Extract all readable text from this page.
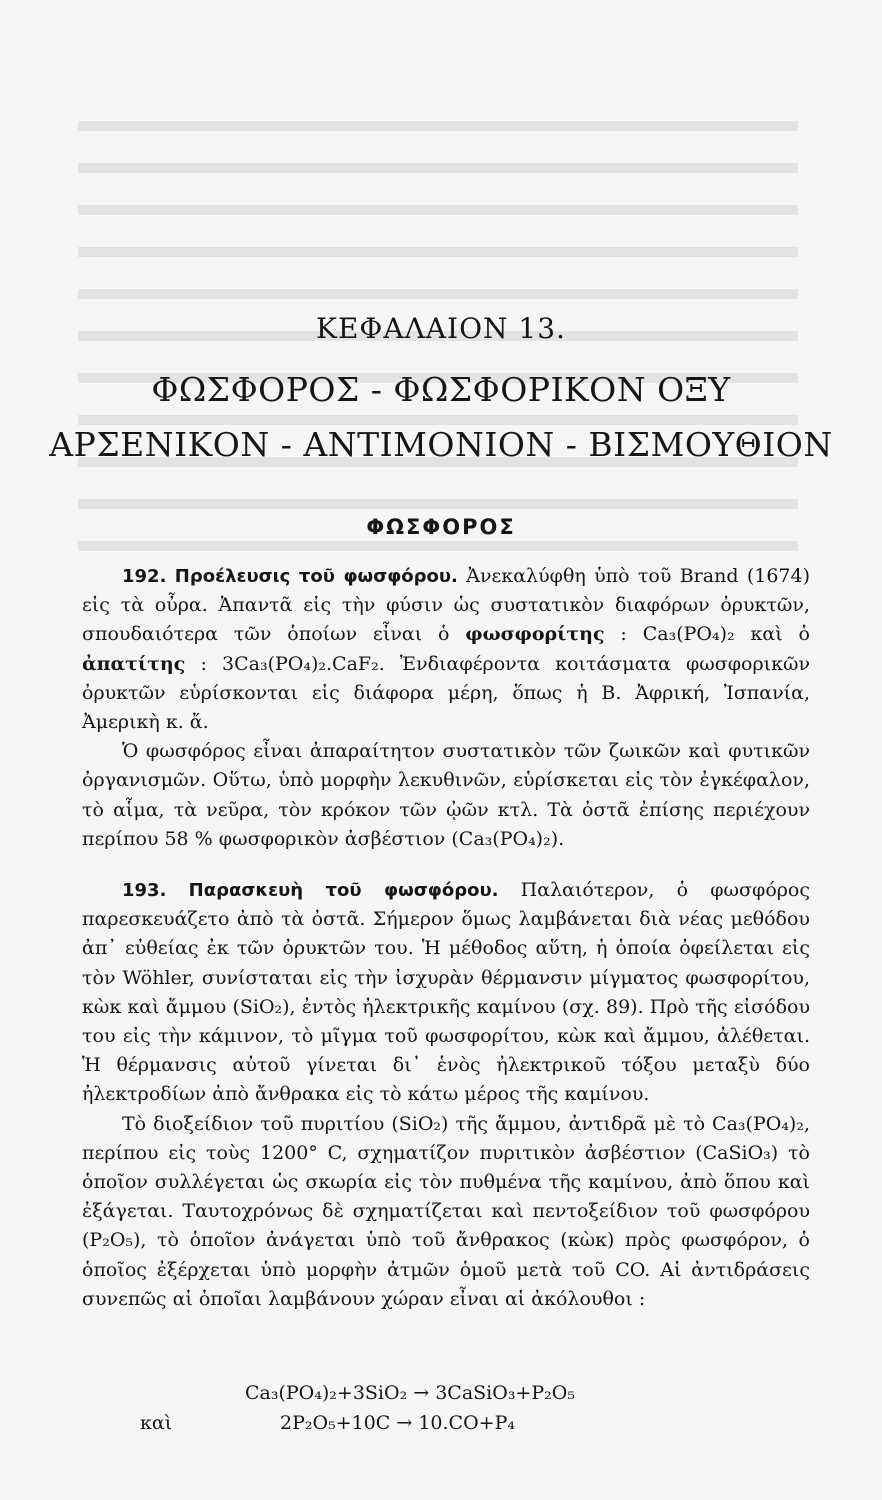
ΚΕΦΑΛΑΙΟΝ 13.
ΦΩΣΦΟΡΟΣ - ΦΩΣΦΟΡΙΚΟΝ ΟΞΥ
ΑΡΣΕΝΙΚΟΝ - ΑΝΤΙΜΟΝΙΟΝ - ΒΙΣΜΟΥΘΙΟΝ
ΦΩΣΦΟΡΟΣ

192. Προέλευσις τοῦ φωσφόρου. Ἀνεκαλύφθη ὑπὸ τοῦ Brand (1674) εἰς τὰ οὖρα. Ἀπαντᾶ εἰς τὴν φύσιν ὡς συστατικὸν διαφόρων ὀρυκτῶν, σπουδαιότερα τῶν ὁποίων εἶναι ὁ φωσφορίτης : Ca₃(PO₄)₂ καὶ ὁ ἀπατίτης : 3Ca₃(PO₄)₂.CaF₂. Ἐνδιαφέροντα κοιτάσματα φωσφορικῶν ὀρυκτῶν εὑρίσκονται εἰς διάφορα μέρη, ὅπως ἡ Β. Ἀφρική, Ἰσπανία, Ἀμερικὴ κ. ἄ.

Ὁ φωσφόρος εἶναι ἀπαραίτητον συστατικὸν τῶν ζωικῶν καὶ φυτικῶν ὀργανισμῶν. Οὕτω, ὑπὸ μορφὴν λεκυθινῶν, εὑρίσκεται εἰς τὸν ἐγκέφαλον, τὸ αἷμα, τὰ νεῦρα, τὸν κρόκον τῶν ᾠῶν κτλ. Τὰ ὀστᾶ ἐπίσης περιέχουν περίπου 58 % φωσφορικὸν ἀσβέστιον (Ca₃(PO₄)₂).

193. Παρασκευὴ τοῦ φωσφόρου. Παλαιότερον, ὁ φωσφόρος παρεσκευάζετο ἀπὸ τὰ ὀστᾶ. Σήμερον ὅμως λαμβάνεται διὰ νέας μεθόδου ἀπ᾿ εὐθείας ἐκ τῶν ὀρυκτῶν του. Ἡ μέθοδος αὕτη, ἡ ὁποία ὀφείλεται εἰς τὸν Wöhler, συνίσταται εἰς τὴν ἰσχυρὰν θέρμανσιν μίγματος φωσφορίτου, κὼκ καὶ ἄμμου (SiO₂), ἐντὸς ἠλεκτρικῆς καμίνου (σχ. 89). Πρὸ τῆς εἰσόδου του εἰς τὴν κάμινον, τὸ μῖγμα τοῦ φωσφορίτου, κὼκ καὶ ἄμμου, ἀλέθεται. Ἡ θέρμανσις αὐτοῦ γίνεται δι᾿ ἑνὸς ἠλεκτρικοῦ τόξου μεταξὺ δύο ἠλεκτροδίων ἀπὸ ἄνθρακα εἰς τὸ κάτω μέρος τῆς καμίνου.

Τὸ διοξείδιον τοῦ πυριτίου (SiO₂) τῆς ἄμμου, ἀντιδρᾶ μὲ τὸ Ca₃(PO₄)₂, περίπου εἰς τοὺς 1200° C, σχηματίζον πυριτικὸν ἀσβέστιον (CaSiO₃) τὸ ὁποῖον συλλέγεται ὡς σκωρία εἰς τὸν πυθμένα τῆς καμίνου, ἀπὸ ὅπου καὶ ἐξάγεται. Ταυτοχρόνως δὲ σχηματίζεται καὶ πεντοξείδιον τοῦ φωσφόρου (P₂O₅), τὸ ὁποῖον ἀνάγεται ὑπὸ τοῦ ἄνθρακος (κὼκ) πρὸς φωσφόρον, ὁ ὁποῖος ἐξέρχεται ὑπὸ μορφὴν ἀτμῶν ὁμοῦ μετὰ τοῦ CO. Αἱ ἀντιδράσεις συνεπῶς αἱ ὁποῖαι λαμβάνουν χώραν εἶναι αἱ ἀκόλουθοι :

Ca₃(PO₄)₂+3SiO₂ → 3CaSiO₃+P₂O₅
καὶ	2P₂O₅+10C → 10.CO+P₄
